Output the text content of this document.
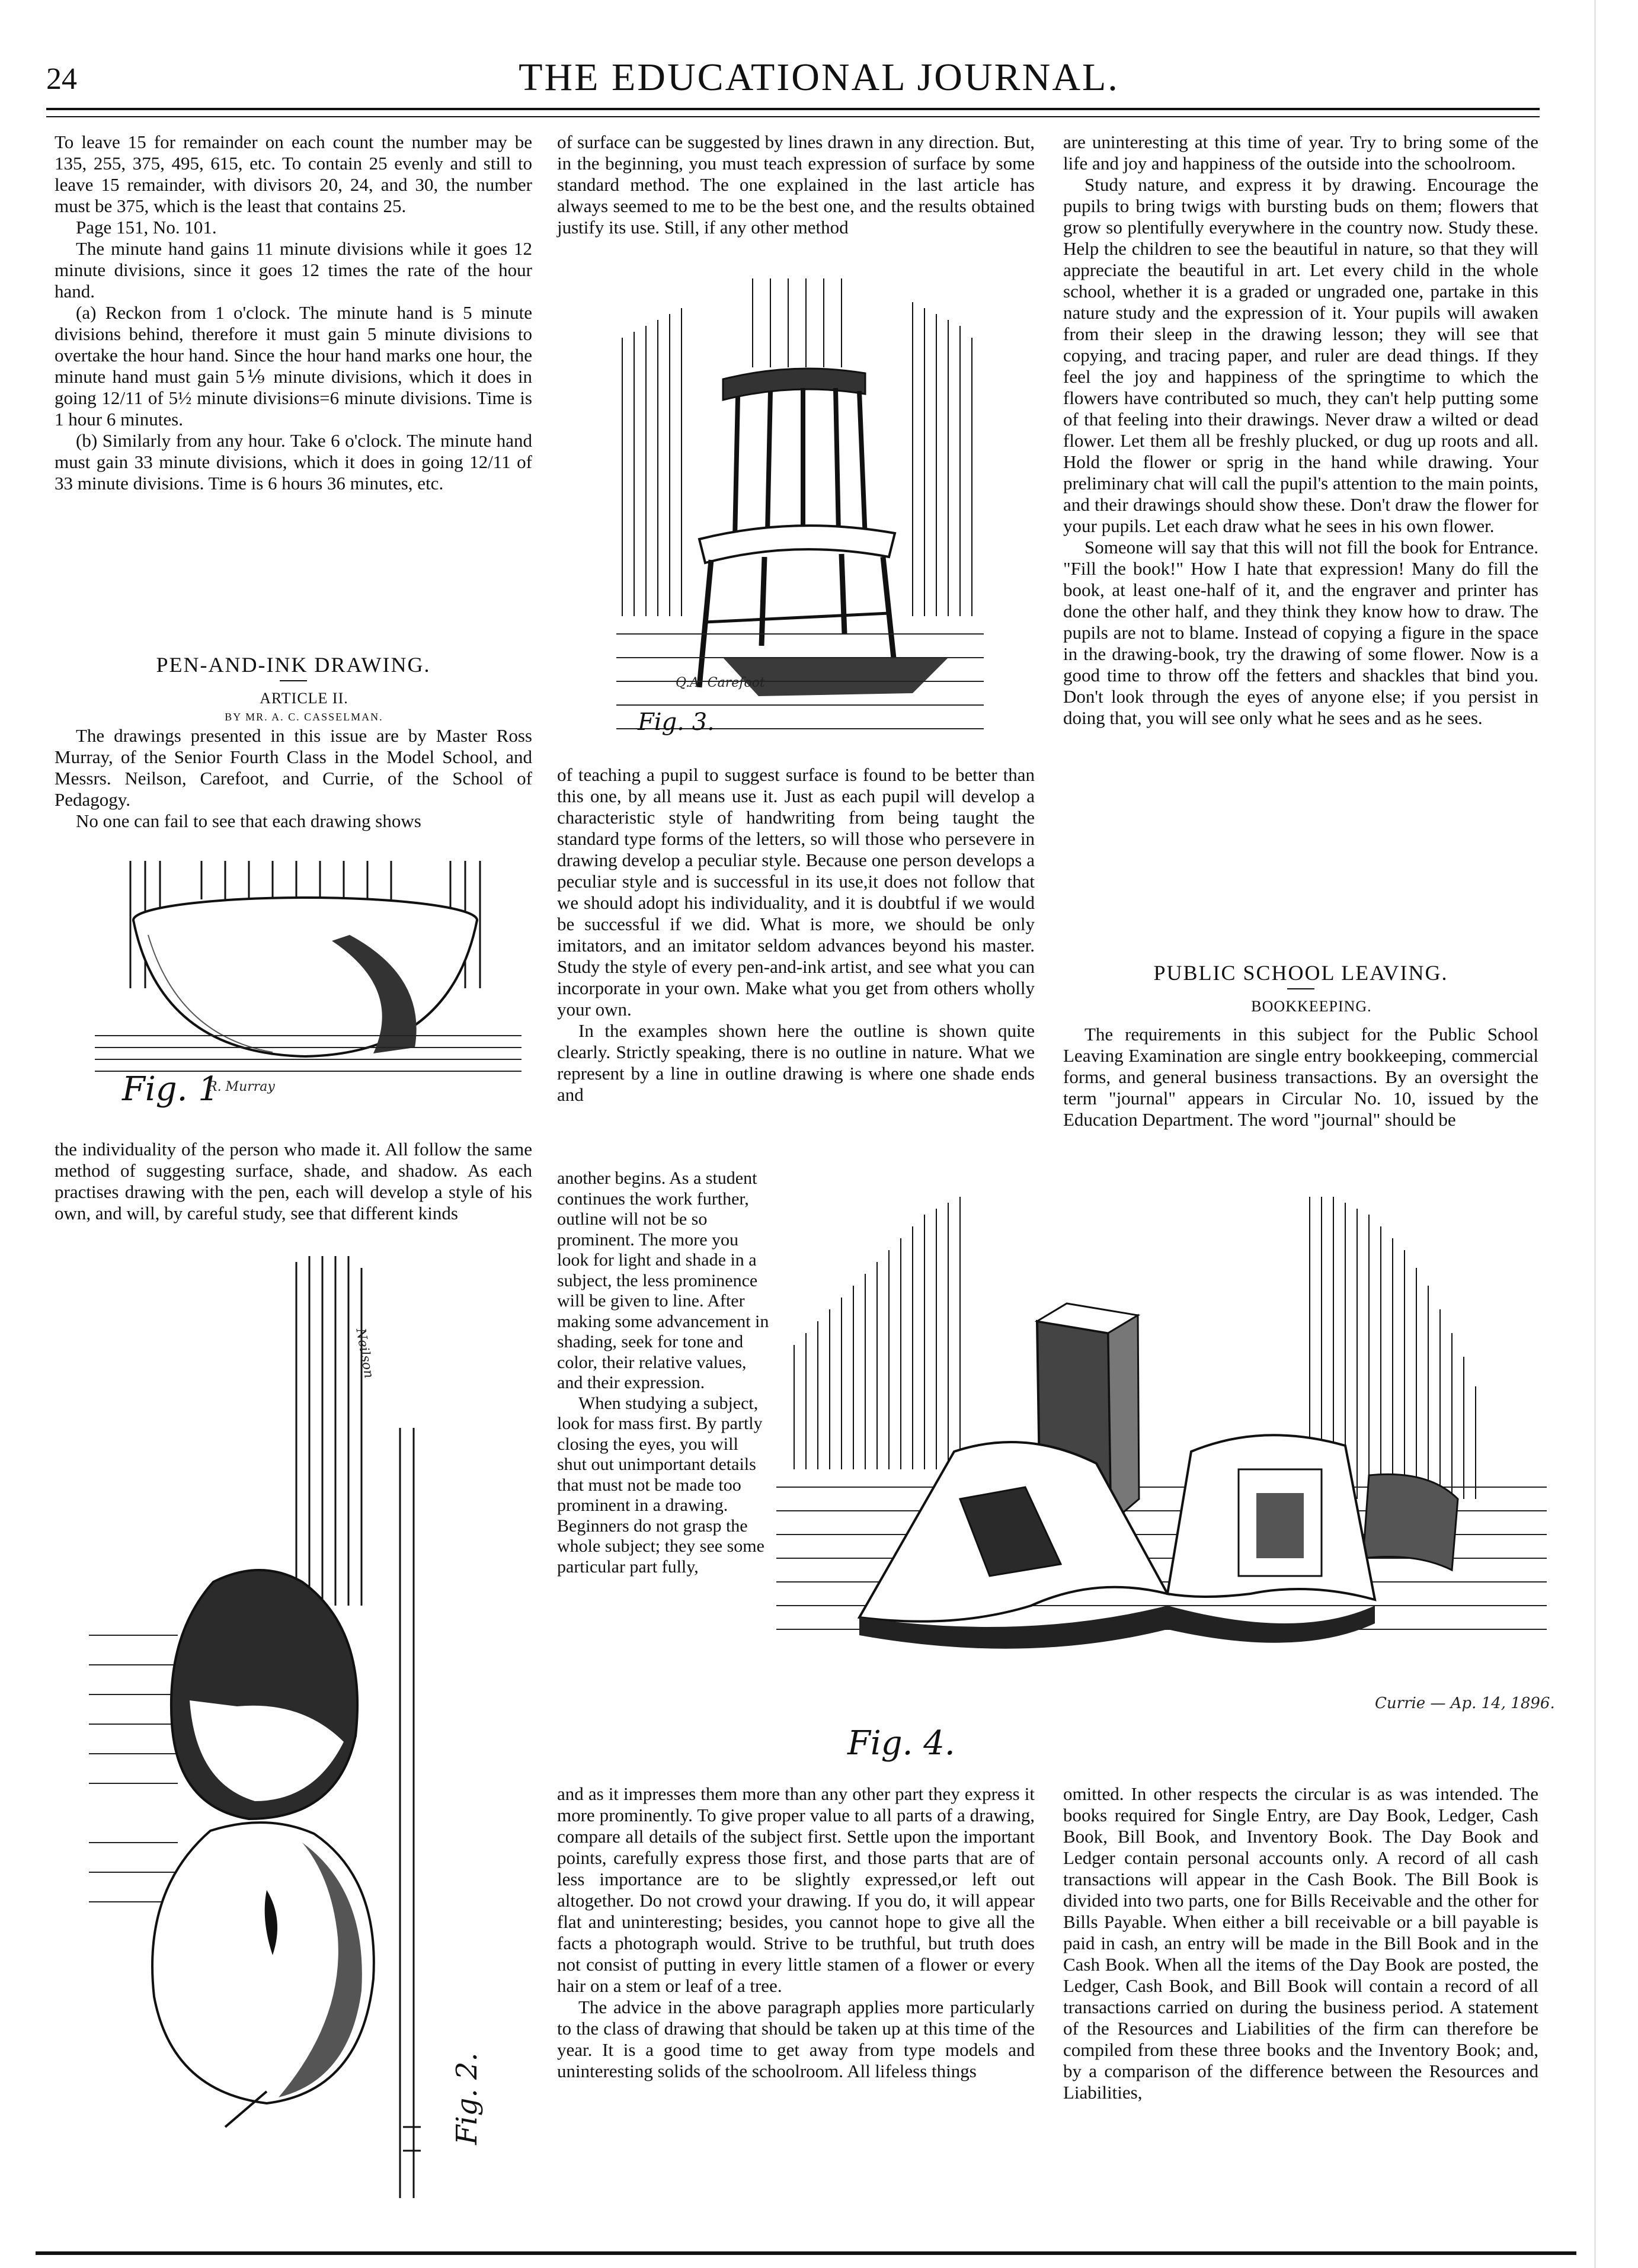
24	THE EDUCATIONAL JOURNAL.

To leave 15 for remainder on each count the number may be 135, 255, 375, 495, 615, etc. To contain 25 evenly and still to leave 15 remainder, with divisors 20, 24, and 30, the number must be 375, which is the least that contains 25.

Page 151, No. 101.

The minute hand gains 11 minute divisions while it goes 12 minute divisions, since it goes 12 times the rate of the hour hand.

(a) Reckon from 1 o'clock. The minute hand is 5 minute divisions behind, therefore it must gain 5 minute divisions to overtake the hour hand. Since the hour hand marks one hour, the minute hand must gain 5⅑ minute divisions, which it does in going 12/11 of 5½ minute divisions=6 minute divisions. Time is 1 hour 6 minutes.

(b) Similarly from any hour. Take 6 o'clock. The minute hand must gain 33 minute divisions, which it does in going 12/11 of 33 minute divisions. Time is 6 hours 36 minutes, etc.

PEN-AND-INK DRAWING.

ARTICLE II.

BY MR. A. C. CASSELMAN.

The drawings presented in this issue are by Master Ross Murray, of the Senior Fourth Class in the Model School, and Messrs. Neilson, Carefoot, and Currie, of the School of Pedagogy.

No one can fail to see that each drawing shows

Fig. 1
R. Murray

the individuality of the person who made it. All follow the same method of suggesting surface, shade, and shadow. As each practises drawing with the pen, each will develop a style of his own, and will, by careful study, see that different kinds

Fig. 2.
Neilson

of surface can be suggested by lines drawn in any direction. But, in the beginning, you must teach expression of surface by some standard method. The one explained in the last article has always seemed to me to be the best one, and the results obtained justify its use. Still, if any other method

Fig. 3.
Q.A. Carefoot

of teaching a pupil to suggest surface is found to be better than this one, by all means use it. Just as each pupil will develop a characteristic style of handwriting from being taught the standard type forms of the letters, so will those who persevere in drawing develop a peculiar style. Because one person develops a peculiar style and is successful in its use,it does not follow that we should adopt his individuality, and it is doubtful if we would be successful if we did. What is more, we should be only imitators, and an imitator seldom advances beyond his master. Study the style of every pen-and-ink artist, and see what you can incorporate in your own. Make what you get from others wholly your own.

In the examples shown here the outline is shown quite clearly. Strictly speaking, there is no outline in nature. What we represent by a line in outline drawing is where one shade ends and

another begins. As a student continues the work further, outline will not be so prominent. The more you look for light and shade in a subject, the less prominence will be given to line. After making some advancement in shading, seek for tone and color, their relative values, and their expression.

When studying a subject, look for mass first. By partly closing the eyes, you will shut out unimportant details that must not be made too prominent in a drawing. Beginners do not grasp the whole subject; they see some particular part fully,

and as it impresses them more than any other part they express it more prominently. To give proper value to all parts of a drawing, compare all details of the subject first. Settle upon the important points, carefully express those first, and those parts that are of less importance are to be slightly expressed,or left out altogether. Do not crowd your drawing. If you do, it will appear flat and uninteresting; besides, you cannot hope to give all the facts a photograph would. Strive to be truthful, but truth does not consist of putting in every little stamen of a flower or every hair on a stem or leaf of a tree.

The advice in the above paragraph applies more particularly to the class of drawing that should be taken up at this time of the year. It is a good time to get away from type models and uninteresting solids of the schoolroom. All lifeless things

are uninteresting at this time of year. Try to bring some of the life and joy and happiness of the outside into the schoolroom.

Study nature, and express it by drawing. Encourage the pupils to bring twigs with bursting buds on them; flowers that grow so plentifully everywhere in the country now. Study these. Help the children to see the beautiful in nature, so that they will appreciate the beautiful in art. Let every child in the whole school, whether it is a graded or ungraded one, partake in this nature study and the expression of it. Your pupils will awaken from their sleep in the drawing lesson; they will see that copying, and tracing paper, and ruler are dead things. If they feel the joy and happiness of the springtime to which the flowers have contributed so much, they can't help putting some of that feeling into their drawings. Never draw a wilted or dead flower. Let them all be freshly plucked, or dug up roots and all. Hold the flower or sprig in the hand while drawing. Your preliminary chat will call the pupil's attention to the main points, and their drawings should show these. Don't draw the flower for your pupils. Let each draw what he sees in his own flower.

Someone will say that this will not fill the book for Entrance. "Fill the book!" How I hate that expression! Many do fill the book, at least one-half of it, and the engraver and printer has done the other half, and they think they know how to draw. The pupils are not to blame. Instead of copying a figure in the space in the drawing-book, try the drawing of some flower. Now is a good time to throw off the fetters and shackles that bind you. Don't look through the eyes of anyone else; if you persist in doing that, you will see only what he sees and as he sees.

PUBLIC SCHOOL LEAVING.

BOOKKEEPING.

The requirements in this subject for the Public School Leaving Examination are single entry bookkeeping, commercial forms, and general business transactions. By an oversight the term "journal" appears in Circular No. 10, issued by the Education Department. The word "journal" should be

Fig. 4.
Currie — Ap. 14, 1896.

omitted. In other respects the circular is as was intended. The books required for Single Entry, are Day Book, Ledger, Cash Book, Bill Book, and Inventory Book. The Day Book and Ledger contain personal accounts only. A record of all cash transactions will appear in the Cash Book. The Bill Book is divided into two parts, one for Bills Receivable and the other for Bills Payable. When either a bill receivable or a bill payable is paid in cash, an entry will be made in the Bill Book and in the Cash Book. When all the items of the Day Book are posted, the Ledger, Cash Book, and Bill Book will contain a record of all transactions carried on during the business period. A statement of the Resources and Liabilities of the firm can therefore be compiled from these three books and the Inventory Book; and, by a comparison of the difference between the Resources and Liabilities,
